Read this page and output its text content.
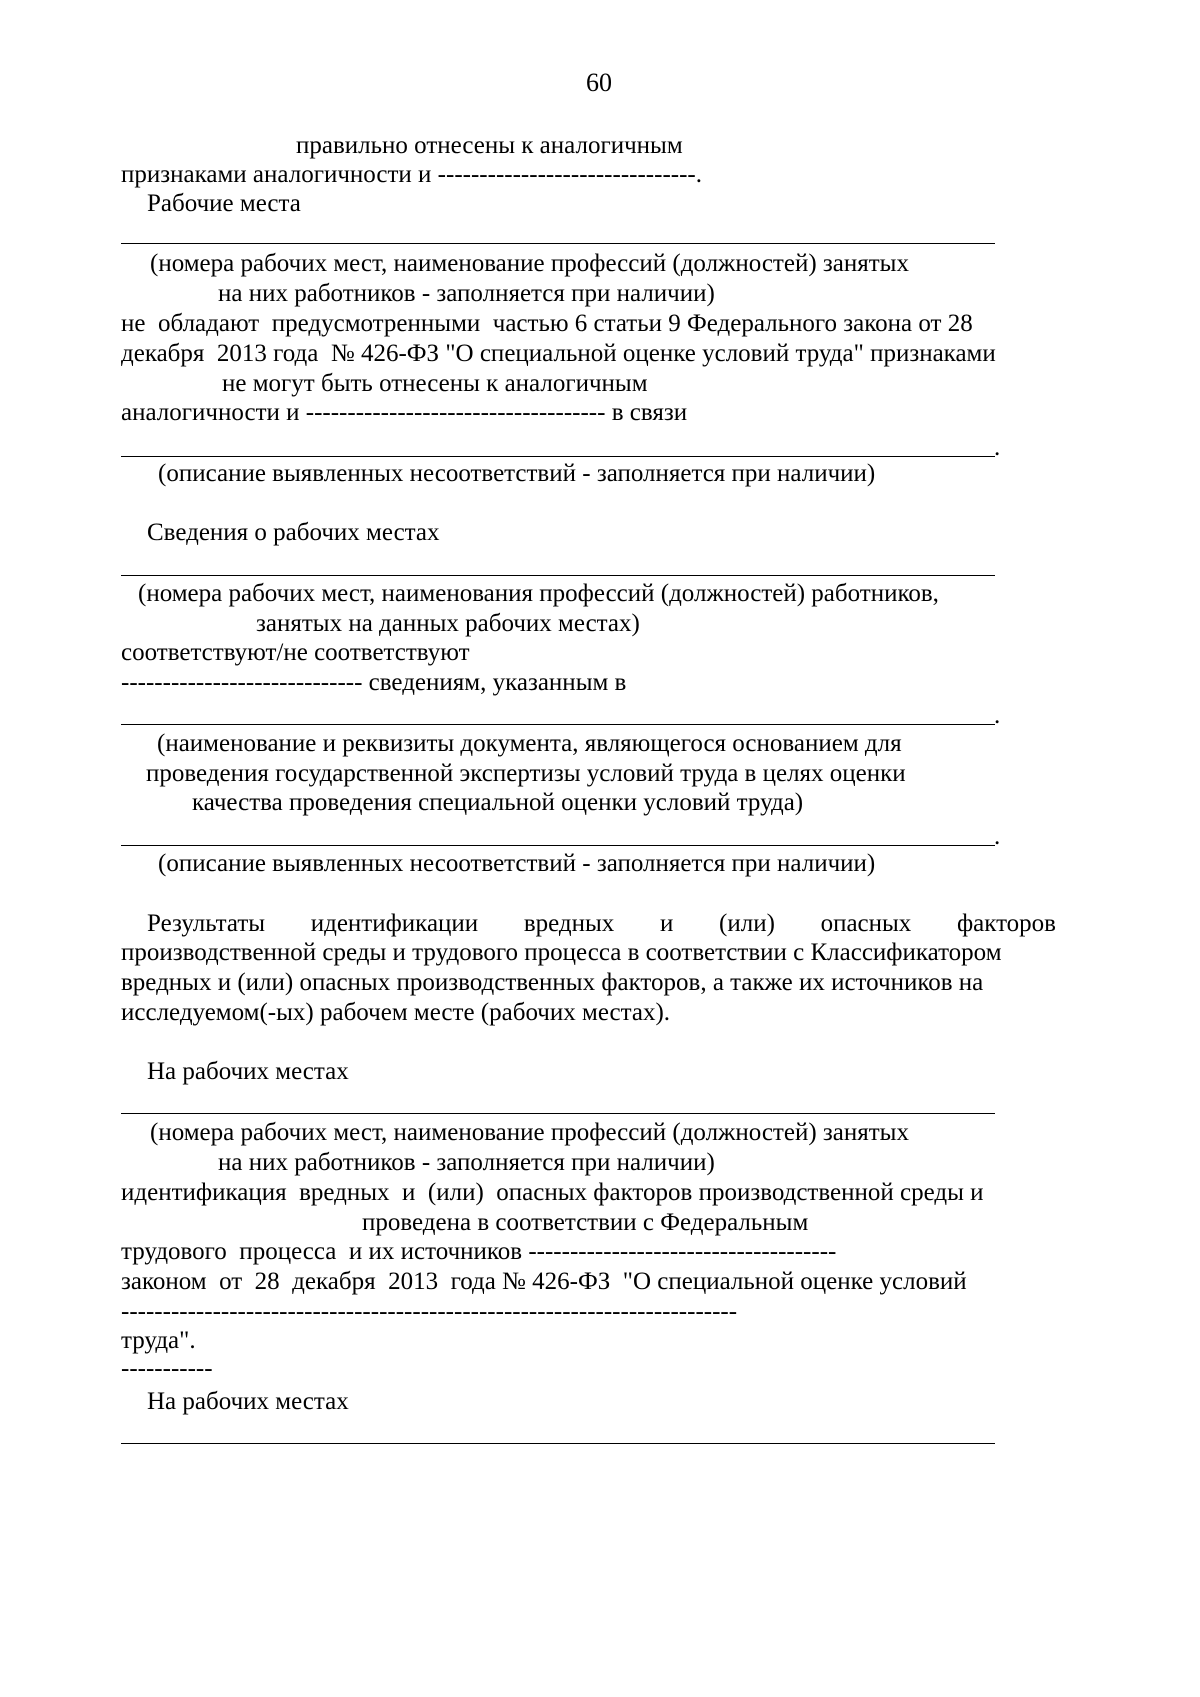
60
правильно отнесены к аналогичным
признаками аналогичности и -------------------------------.
Рабочие места
(номера рабочих мест, наименование профессий (должностей) занятых
на них работников - заполняется при наличии)
не  обладают  предусмотренными  частью 6 статьи 9 Федерального закона от 28
декабря  2013 года  № 426-ФЗ "О специальной оценке условий труда" признаками
не могут быть отнесены к аналогичным
аналогичности и ------------------------------------ в связи
.
(описание выявленных несоответствий - заполняется при наличии)
Сведения о рабочих местах
(номера рабочих мест, наименования профессий (должностей) работников,
занятых на данных рабочих местах)
соответствуют/не соответствуют
----------------------------- сведениям, указанным в
.
(наименование и реквизиты документа, являющегося основанием для
проведения государственной экспертизы условий труда в целях оценки
качества проведения специальной оценки условий труда)
.
(описание выявленных несоответствий - заполняется при наличии)
Результаты идентификации вредных и (или) опасных факторов
производственной среды и трудового процесса в соответствии с Классификатором
вредных и (или) опасных производственных факторов, а также их источников на
исследуемом(-ых) рабочем месте (рабочих местах).
На рабочих местах
(номера рабочих мест, наименование профессий (должностей) занятых
на них работников - заполняется при наличии)
идентификация  вредных  и  (или)  опасных факторов производственной среды и
проведена в соответствии с Федеральным
трудового  процесса  и их источников -------------------------------------
законом  от  28  декабря  2013  года № 426-ФЗ  "О специальной оценке условий
--------------------------------------------------------------------------
труда".
-----------
На рабочих местах
